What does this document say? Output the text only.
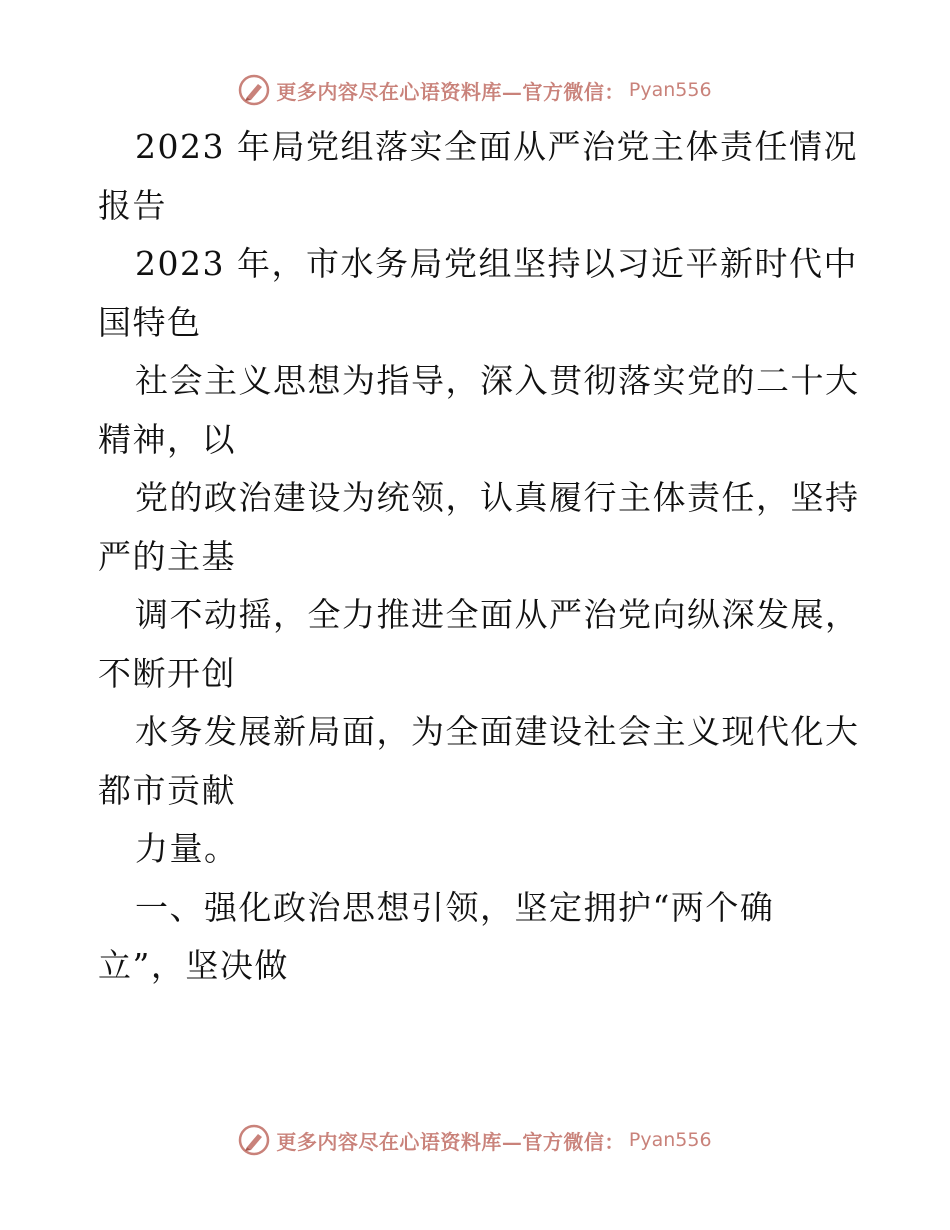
更多内容尽在心语资料库—官方微信： Pyan556
2023 年局党组落实全面从严治党主体责任情况
报告
2023 年，市水务局党组坚持以习近平新时代中
国特色
社会主义思想为指导，深入贯彻落实党的二十大
精神，以
党的政治建设为统领，认真履行主体责任，坚持
严的主基
调不动摇，全力推进全面从严治党向纵深发展，
不断开创
水务发展新局面，为全面建设社会主义现代化大
都市贡献
力量。
一、强化政治思想引领，坚定拥护“两个确
立”，坚决做
更多内容尽在心语资料库—官方微信： Pyan556
